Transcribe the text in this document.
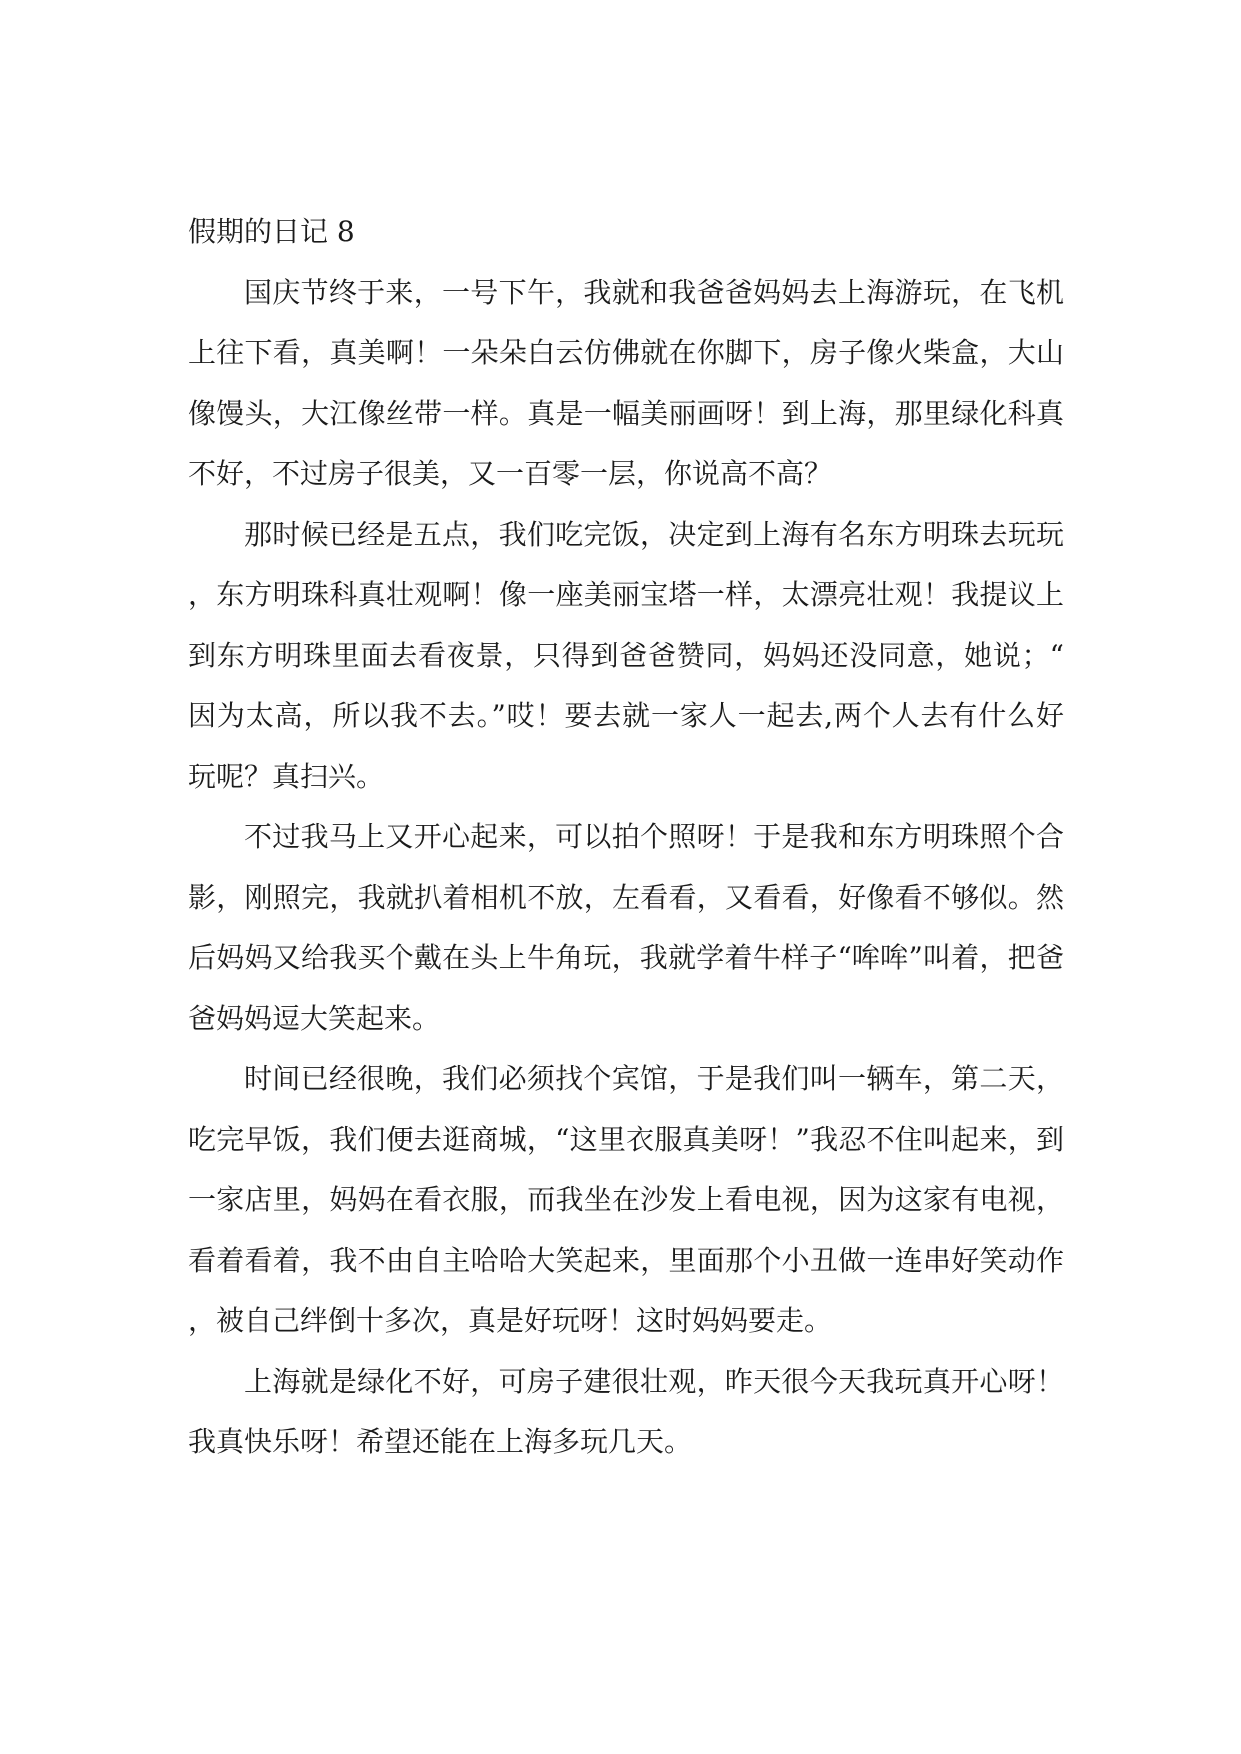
假期的日记 8

国庆节终于来，一号下午，我就和我爸爸妈妈去上海游玩，在飞机上往下看，真美啊！一朵朵白云仿佛就在你脚下，房子像火柴盒，大山像馒头，大江像丝带一样。真是一幅美丽画呀！到上海，那里绿化科真不好，不过房子很美，又一百零一层，你说高不高？

那时候已经是五点，我们吃完饭，决定到上海有名东方明珠去玩玩，东方明珠科真壮观啊！像一座美丽宝塔一样，太漂亮壮观！我提议上到东方明珠里面去看夜景，只得到爸爸赞同，妈妈还没同意，她说；“因为太高，所以我不去。”哎！要去就一家人一起去,两个人去有什么好玩呢？真扫兴。

不过我马上又开心起来，可以拍个照呀！于是我和东方明珠照个合影，刚照完，我就扒着相机不放，左看看，又看看，好像看不够似。然后妈妈又给我买个戴在头上牛角玩，我就学着牛样子“哞哞”叫着，把爸爸妈妈逗大笑起来。

时间已经很晚，我们必须找个宾馆，于是我们叫一辆车，第二天，吃完早饭，我们便去逛商城，“这里衣服真美呀！”我忍不住叫起来，到一家店里，妈妈在看衣服，而我坐在沙发上看电视，因为这家有电视，看着看着，我不由自主哈哈大笑起来，里面那个小丑做一连串好笑动作，被自己绊倒十多次，真是好玩呀！这时妈妈要走。

上海就是绿化不好，可房子建很壮观，昨天很今天我玩真开心呀！我真快乐呀！希望还能在上海多玩几天。
